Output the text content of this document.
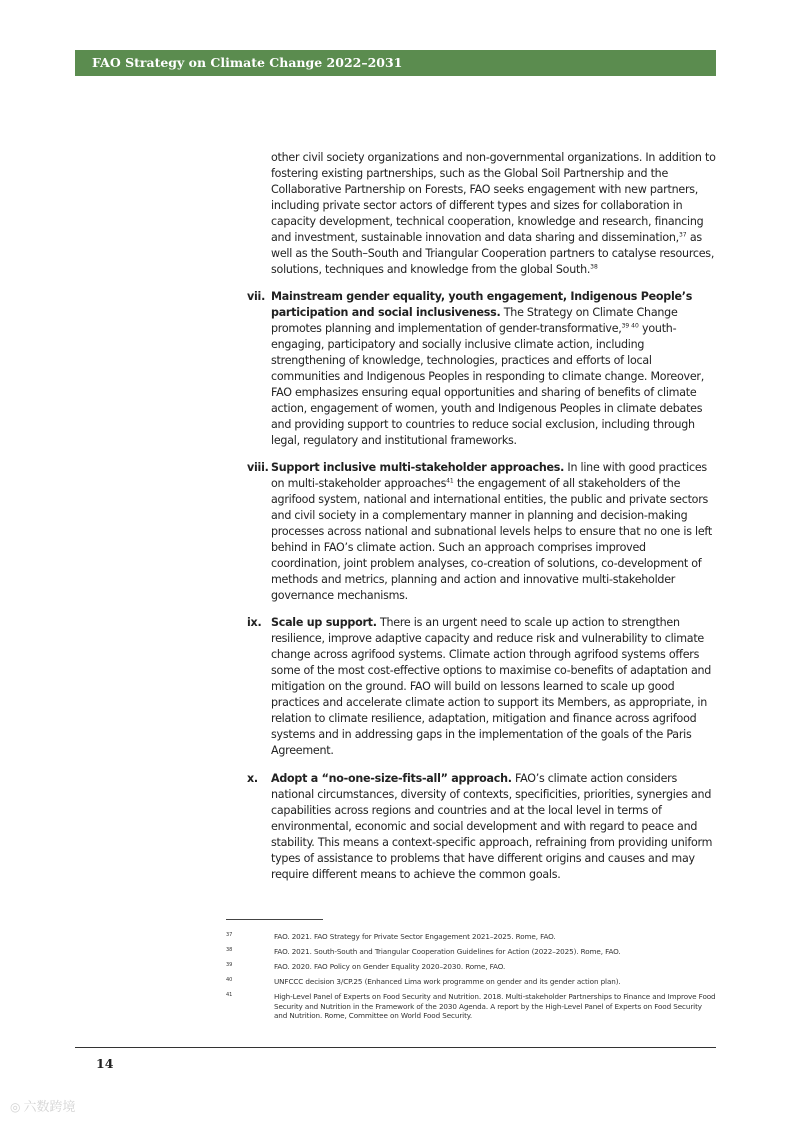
FAO Strategy on Climate Change 2022–2031
other civil society organizations and non-governmental organizations. In addition to fostering existing partnerships, such as the Global Soil Partnership and the Collaborative Partnership on Forests, FAO seeks engagement with new partners, including private sector actors of different types and sizes for collaboration in capacity development, technical cooperation, knowledge and research, financing and investment, sustainable innovation and data sharing and dissemination,$^{37}$ as well as the South–South and Triangular Cooperation partners to catalyse resources, solutions, techniques and knowledge from the global South.$^{38}$
vii. Mainstream gender equality, youth engagement, Indigenous People’s participation and social inclusiveness. The Strategy on Climate Change promotes planning and implementation of gender-transformative,$^{39 40}$ youth-engaging, participatory and socially inclusive climate action, including strengthening of knowledge, technologies, practices and efforts of local communities and Indigenous Peoples in responding to climate change. Moreover, FAO emphasizes ensuring equal opportunities and sharing of benefits of climate action, engagement of women, youth and Indigenous Peoples in climate debates and providing support to countries to reduce social exclusion, including through legal, regulatory and institutional frameworks.
viii. Support inclusive multi-stakeholder approaches. In line with good practices on multi-stakeholder approaches$^{41}$ the engagement of all stakeholders of the agrifood system, national and international entities, the public and private sectors and civil society in a complementary manner in planning and decision-making processes across national and subnational levels helps to ensure that no one is left behind in FAO’s climate action. Such an approach comprises improved coordination, joint problem analyses, co-creation of solutions, co-development of methods and metrics, planning and action and innovative multi-stakeholder governance mechanisms.
ix. Scale up support. There is an urgent need to scale up action to strengthen resilience, improve adaptive capacity and reduce risk and vulnerability to climate change across agrifood systems. Climate action through agrifood systems offers some of the most cost-effective options to maximise co-benefits of adaptation and mitigation on the ground. FAO will build on lessons learned to scale up good practices and accelerate climate action to support its Members, as appropriate, in relation to climate resilience, adaptation, mitigation and finance across agrifood systems and in addressing gaps in the implementation of the goals of the Paris Agreement.
x. Adopt a “no-one-size-fits-all” approach. FAO’s climate action considers national circumstances, diversity of contexts, specificities, priorities, synergies and capabilities across regions and countries and at the local level in terms of environmental, economic and social development and with regard to peace and stability. This means a context-specific approach, refraining from providing uniform types of assistance to problems that have different origins and causes and may require different means to achieve the common goals.
37	FAO. 2021. FAO Strategy for Private Sector Engagement 2021–2025. Rome, FAO.
38	FAO. 2021. South-South and Triangular Cooperation Guidelines for Action (2022–2025). Rome, FAO.
39	FAO. 2020. FAO Policy on Gender Equality 2020–2030. Rome, FAO.
40	UNFCCC decision 3/CP.25 (Enhanced Lima work programme on gender and its gender action plan).
41	High-Level Panel of Experts on Food Security and Nutrition. 2018. Multi-stakeholder Partnerships to Finance and Improve Food Security and Nutrition in the Framework of the 2030 Agenda. A report by the High-Level Panel of Experts on Food Security and Nutrition. Rome, Committee on World Food Security.
14
◎ 六数跨境
